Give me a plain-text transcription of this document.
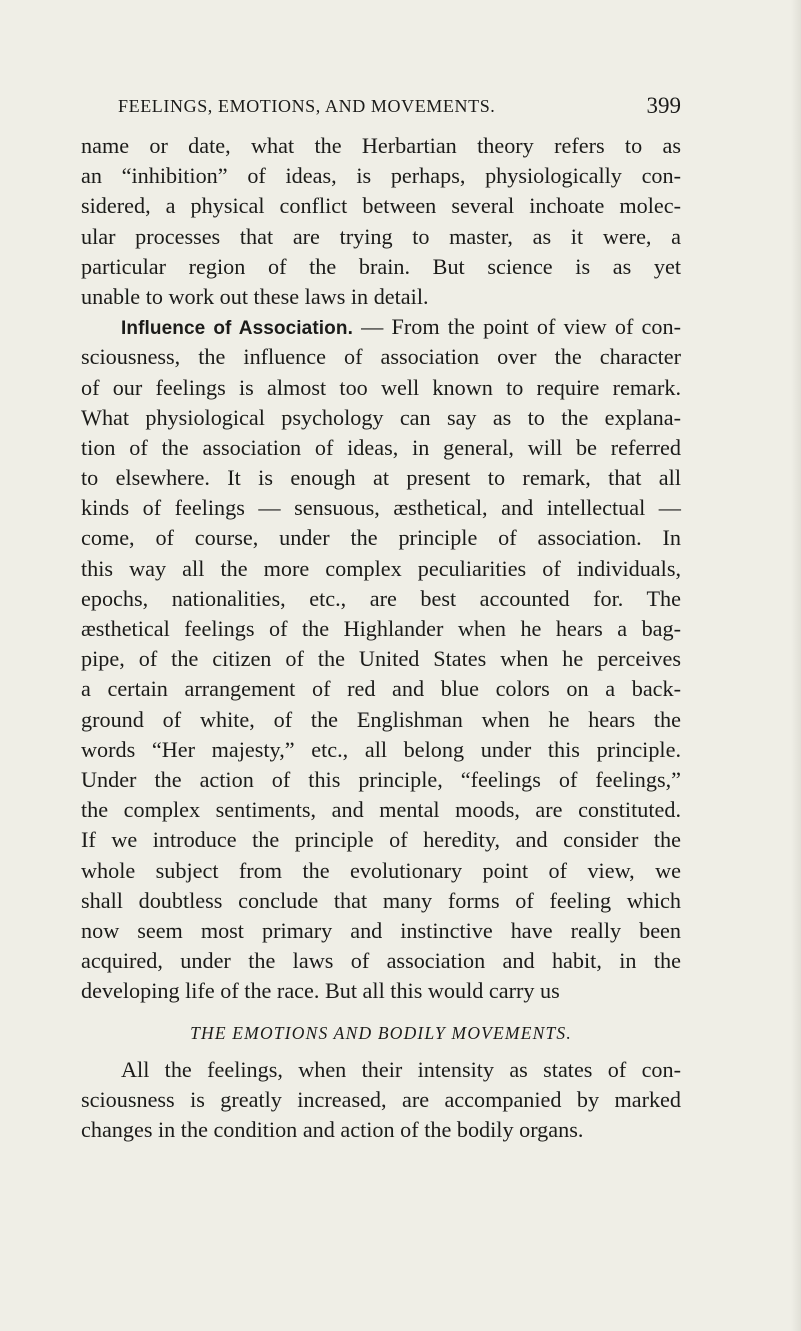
FEELINGS, EMOTIONS, AND MOVEMENTS.	399
name or date, what the Herbartian theory refers to as
an “inhibition” of ideas, is perhaps, physiologically con-
sidered, a physical conflict between several inchoate molec-
ular processes that are trying to master, as it were, a
particular region of the brain. But science is as yet
unable to work out these laws in detail.
Influence of Association. — From the point of view of con-
sciousness, the influence of association over the character
of our feelings is almost too well known to require remark.
What physiological psychology can say as to the explana-
tion of the association of ideas, in general, will be referred
to elsewhere. It is enough at present to remark, that all
kinds of feelings — sensuous, æsthetical, and intellectual —
come, of course, under the principle of association. In
this way all the more complex peculiarities of individuals,
epochs, nationalities, etc., are best accounted for. The
æsthetical feelings of the Highlander when he hears a bag-
pipe, of the citizen of the United States when he perceives
a certain arrangement of red and blue colors on a back-
ground of white, of the Englishman when he hears the
words “Her majesty,” etc., all belong under this principle.
Under the action of this principle, “feelings of feelings,”
the complex sentiments, and mental moods, are constituted.
If we introduce the principle of heredity, and consider the
whole subject from the evolutionary point of view, we
shall doubtless conclude that many forms of feeling which
now seem most primary and instinctive have really been
acquired, under the laws of association and habit, in the
developing life of the race. But all this would carry us
THE EMOTIONS AND BODILY MOVEMENTS.
All the feelings, when their intensity as states of con-
sciousness is greatly increased, are accompanied by marked
changes in the condition and action of the bodily organs.
